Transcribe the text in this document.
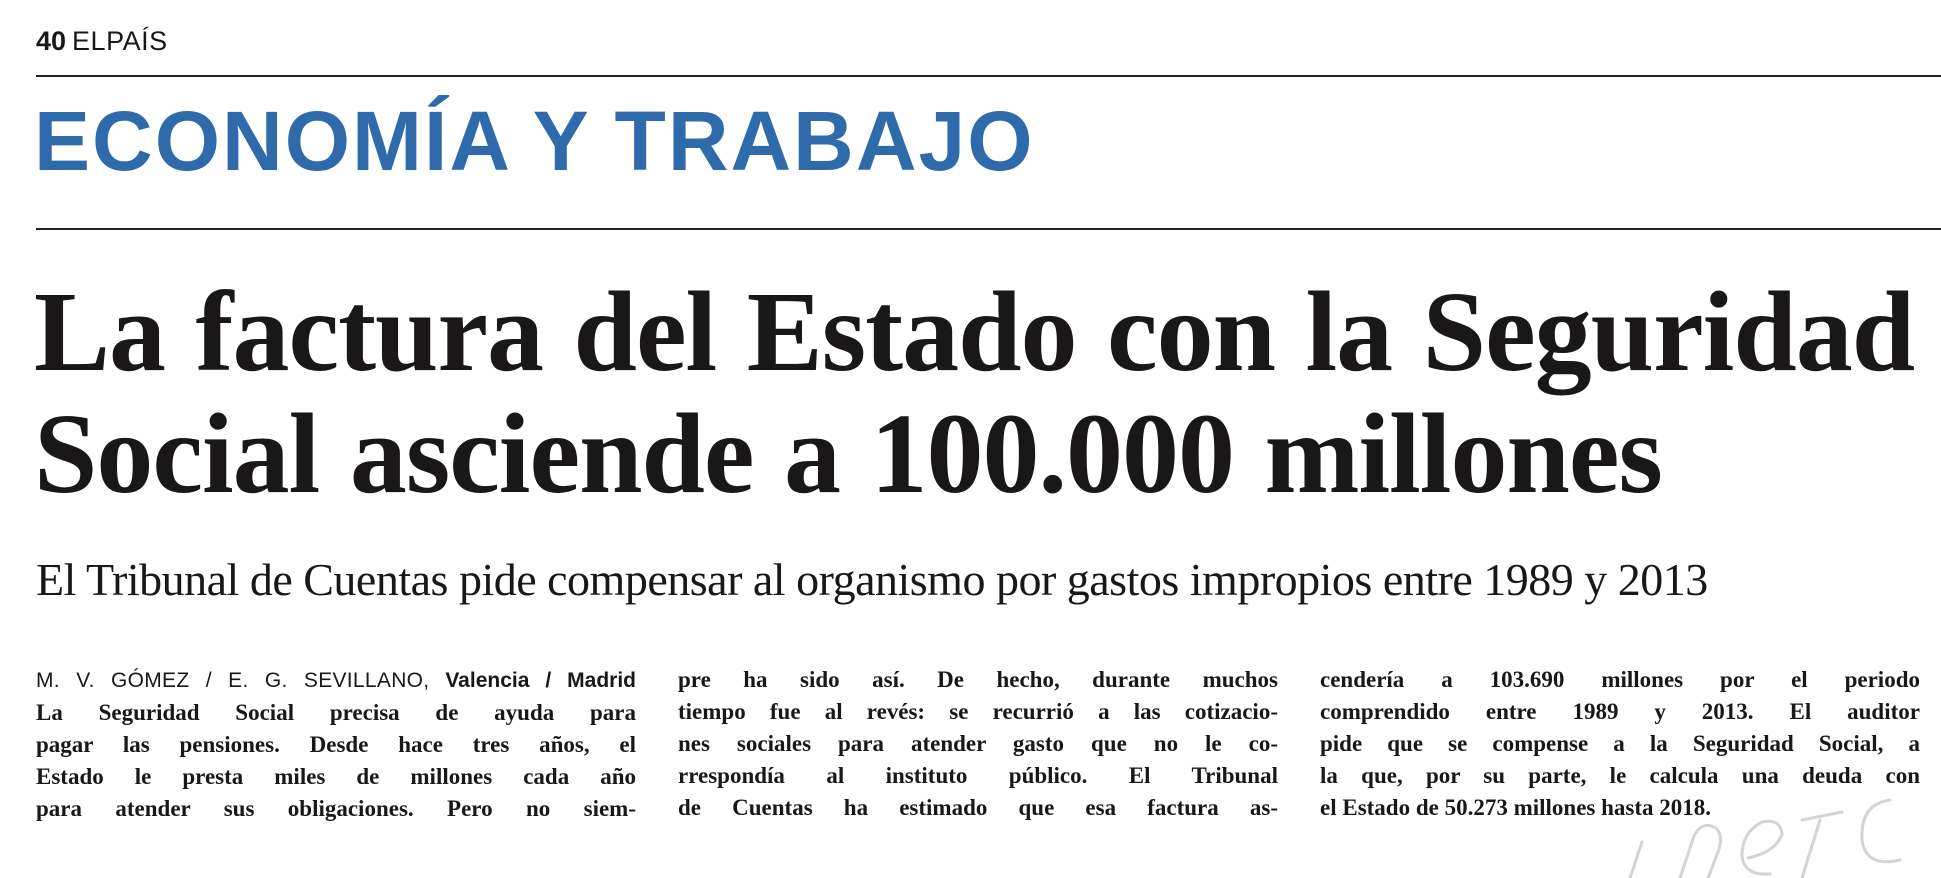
40 ELPAÍS
ECONOMÍA Y TRABAJO
La factura del Estado con la Seguridad
Social asciende a 100.000 millones

El Tribunal de Cuentas pide compensar al organismo por gastos impropios entre 1989 y 2013

M. V. GÓMEZ / E. G. SEVILLANO, Valencia / Madrid
La Seguridad Social precisa de ayuda para
pagar las pensiones. Desde hace tres años, el
Estado le presta miles de millones cada año
para atender sus obligaciones. Pero no siem-
pre ha sido así. De hecho, durante muchos
tiempo fue al revés: se recurrió a las cotizacio-
nes sociales para atender gasto que no le co-
rrespondía al instituto público. El Tribunal
de Cuentas ha estimado que esa factura as-
cendería a 103.690 millones por el periodo
comprendido entre 1989 y 2013. El auditor
pide que se compense a la Seguridad Social, a
la que, por su parte, le calcula una deuda con
el Estado de 50.273 millones hasta 2018.
